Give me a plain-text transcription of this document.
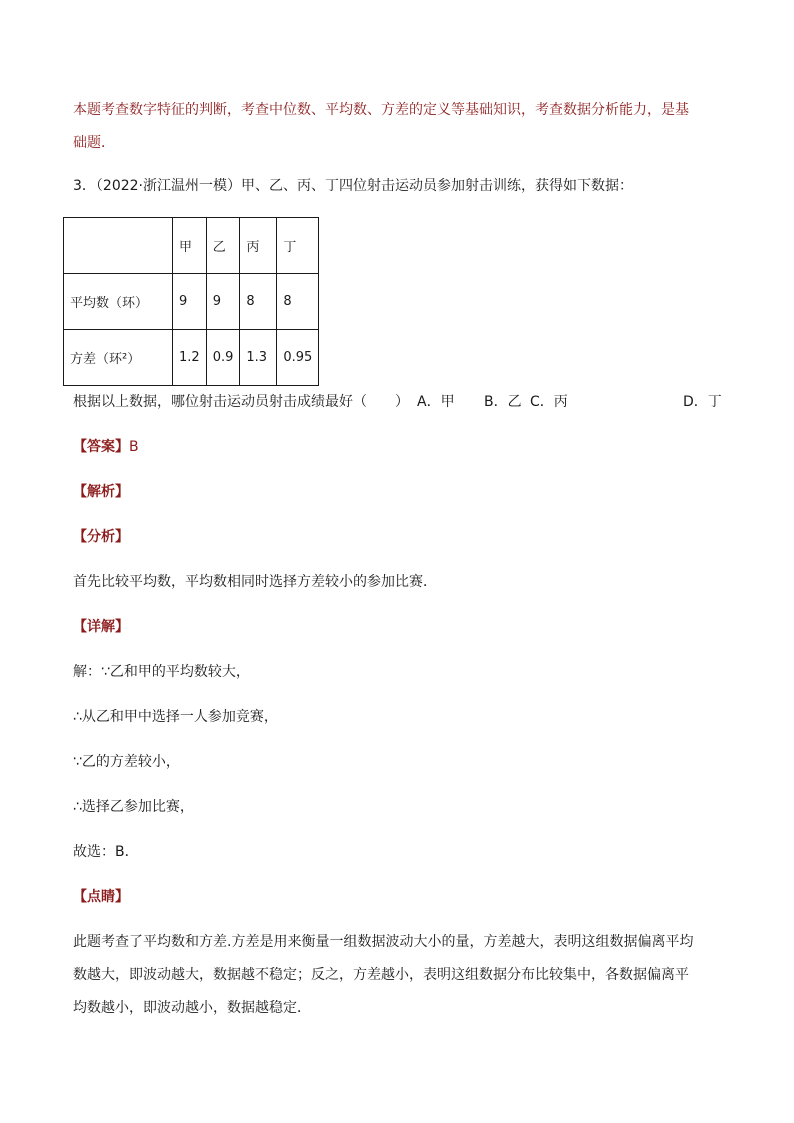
本题考查数字特征的判断，考查中位数、平均数、方差的定义等基础知识，考查数据分析能力，是基
础题．
3．（2022·浙江温州一模）甲、乙、丙、丁四位射击运动员参加射击训练，获得如下数据：
	甲	乙	丙	丁
平均数（环）	9	9	8	8
方差（环²）	1.2	0.9	1.3	0.95
根据以上数据，哪位射击运动员射击成绩最好（　　） A．甲 B．乙 C．丙	D．丁
【答案】B
【解析】
【分析】
首先比较平均数，平均数相同时选择方差较小的参加比赛．
【详解】
解：∵乙和甲的平均数较大，
∴从乙和甲中选择一人参加竞赛，
∵乙的方差较小，
∴选择乙参加比赛，
故选：B．
【点睛】
此题考查了平均数和方差.方差是用来衡量一组数据波动大小的量，方差越大，表明这组数据偏离平均
数越大，即波动越大，数据越不稳定；反之，方差越小，表明这组数据分布比较集中，各数据偏离平
均数越小，即波动越小，数据越稳定．
